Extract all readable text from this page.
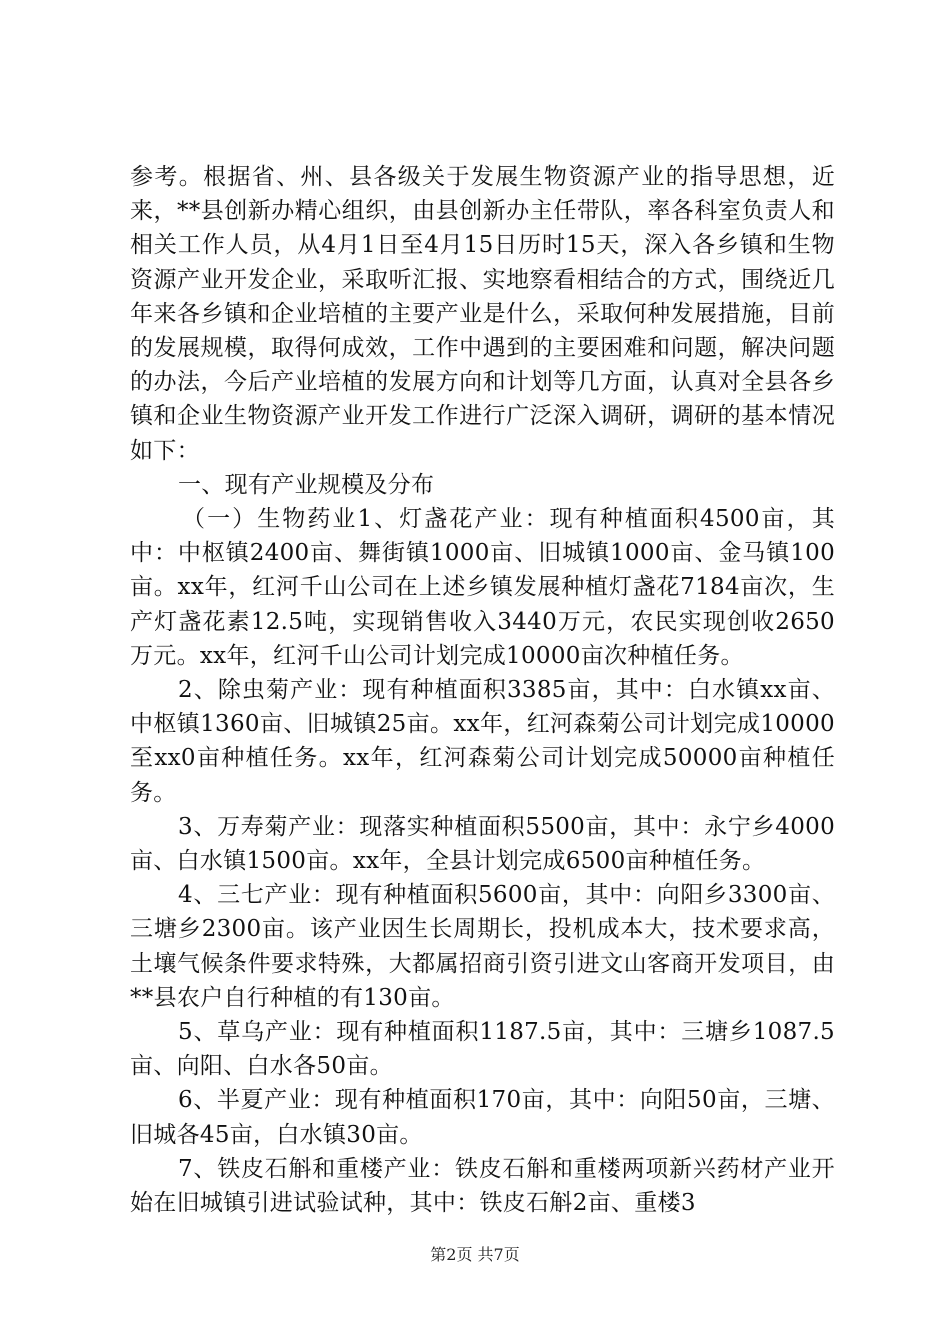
参考。根据省、州、县各级关于发展生物资源产业的指导思想，近来，**县创新办精心组织，由县创新办主任带队，率各科室负责人和相关工作人员，从4月1日至4月15日历时15天，深入各乡镇和生物资源产业开发企业，采取听汇报、实地察看相结合的方式，围绕近几年来各乡镇和企业培植的主要产业是什么，采取何种发展措施，目前的发展规模，取得何成效，工作中遇到的主要困难和问题，解决问题的办法，今后产业培植的发展方向和计划等几方面，认真对全县各乡镇和企业生物资源产业开发工作进行广泛深入调研，调研的基本情况如下：

一、现有产业规模及分布

（一）生物药业1、灯盏花产业：现有种植面积4500亩，其中：中枢镇2400亩、舞街镇1000亩、旧城镇1000亩、金马镇100亩。xx年，红河千山公司在上述乡镇发展种植灯盏花7184亩次，生产灯盏花素12.5吨，实现销售收入3440万元，农民实现创收2650万元。xx年，红河千山公司计划完成10000亩次种植任务。

2、除虫菊产业：现有种植面积3385亩，其中：白水镇xx亩、中枢镇1360亩、旧城镇25亩。xx年，红河森菊公司计划完成10000至xx0亩种植任务。xx年，红河森菊公司计划完成50000亩种植任务。

3、万寿菊产业：现落实种植面积5500亩，其中：永宁乡4000亩、白水镇1500亩。xx年，全县计划完成6500亩种植任务。

4、三七产业：现有种植面积5600亩，其中：向阳乡3300亩、三塘乡2300亩。该产业因生长周期长，投机成本大，技术要求高，土壤气候条件要求特殊，大都属招商引资引进文山客商开发项目，由**县农户自行种植的有130亩。

5、草乌产业：现有种植面积1187.5亩，其中：三塘乡1087.5亩、向阳、白水各50亩。

6、半夏产业：现有种植面积170亩，其中：向阳50亩，三塘、旧城各45亩，白水镇30亩。

7、铁皮石斛和重楼产业：铁皮石斛和重楼两项新兴药材产业开始在旧城镇引进试验试种，其中：铁皮石斛2亩、重楼3

第2页 共7页
